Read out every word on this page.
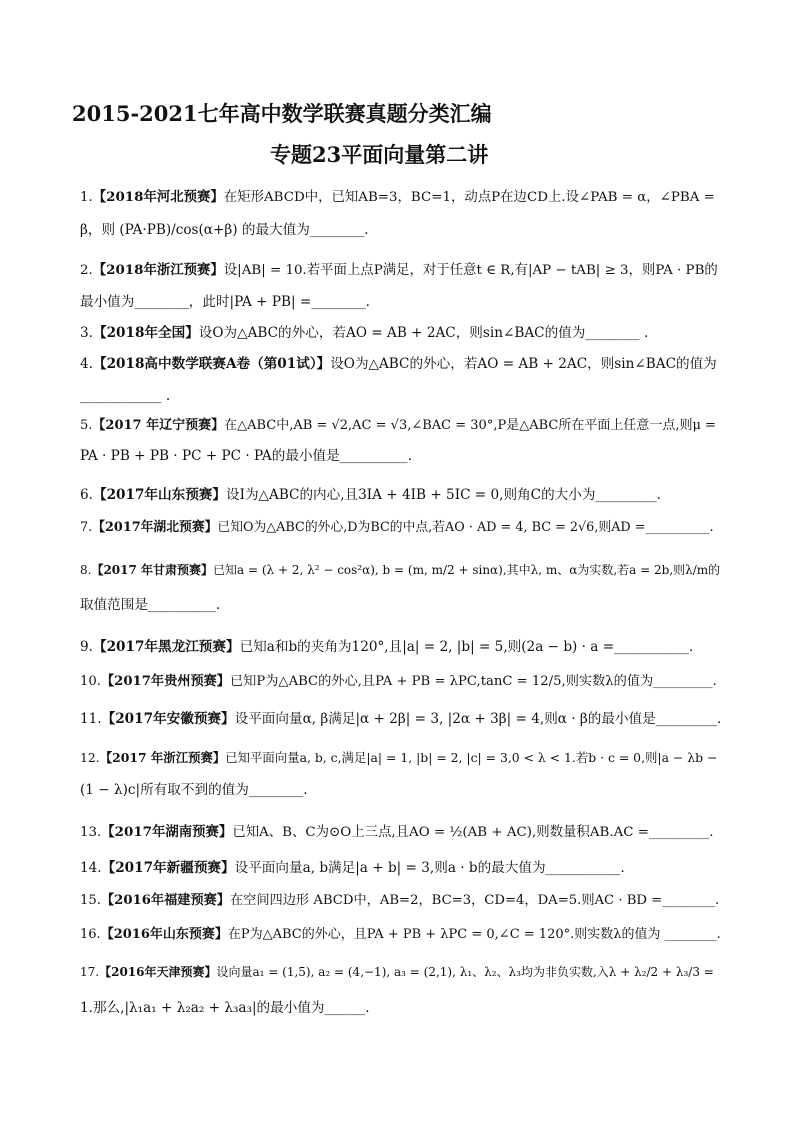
2015-2021七年高中数学联赛真题分类汇编
专题23平面向量第二讲
1.【2018年河北预赛】在矩形ABCD中，已知AB=3，BC=1，动点P在边CD上.设∠PAB = α，∠PBA =
β，则 (PA·PB)/cos(α+β) 的最大值为________.
2.【2018年浙江预赛】设|AB| = 10.若平面上点P满足，对于任意t ∈ R,有|AP − tAB| ≥ 3，则PA · PB的
最小值为________，此时|PA + PB| =________.
3.【2018年全国】设O为△ABC的外心，若AO = AB + 2AC，则sin∠BAC的值为________ .
4.【2018高中数学联赛A卷（第01试）】设O为△ABC的外心，若AO = AB + 2AC，则sin∠BAC的值为
____________ .
5.【2017 年辽宁预赛】在△ABC中,AB = √2,AC = √3,∠BAC = 30°,P是△ABC所在平面上任意一点,则μ =
PA · PB + PB · PC + PC · PA的最小值是__________.
6.【2017年山东预赛】设I为△ABC的内心,且3IA + 4IB + 5IC = 0,则角C的大小为_________.
7.【2017年湖北预赛】已知O为△ABC的外心,D为BC的中点,若AO · AD = 4, BC = 2√6,则AD =__________.
8.【2017 年甘肃预赛】已知a = (λ + 2, λ² − cos²α), b = (m, m/2 + sinα),其中λ, m、α为实数,若a = 2b,则λ/m的
取值范围是__________.
9.【2017年黑龙江预赛】已知a和b的夹角为120°,且|a| = 2, |b| = 5,则(2a − b) · a =___________.
10.【2017年贵州预赛】已知P为△ABC的外心,且PA + PB = λPC,tanC = 12/5,则实数λ的值为_________.
11.【2017年安徽预赛】设平面向量α, β满足|α + 2β| = 3, |2α + 3β| = 4,则α · β的最小值是_________.
12.【2017 年浙江预赛】已知平面向量a, b, c,满足|a| = 1, |b| = 2, |c| = 3,0 < λ < 1.若b · c = 0,则|a − λb −
(1 − λ)c|所有取不到的值为________.
13.【2017年湖南预赛】已知A、B、C为⊙O上三点,且AO = ½(AB + AC),则数量积AB.AC =_________.
14.【2017年新疆预赛】设平面向量a, b满足|a + b| = 3,则a · b的最大值为___________.
15.【2016年福建预赛】在空间四边形 ABCD中，AB=2，BC=3，CD=4，DA=5.则AC · BD =________.
16.【2016年山东预赛】在P为△ABC的外心，且PA + PB + λPC = 0,∠C = 120°.则实数λ的值为 ________.
17.【2016年天津预赛】设向量a₁ = (1,5), a₂ = (4,−1), a₃ = (2,1), λ₁、λ₂、λ₃均为非负实数,入λ + λ₂/2 + λ₃/3 =
1.那么,|λ₁a₁ + λ₂a₂ + λ₃a₃|的最小值为______.
